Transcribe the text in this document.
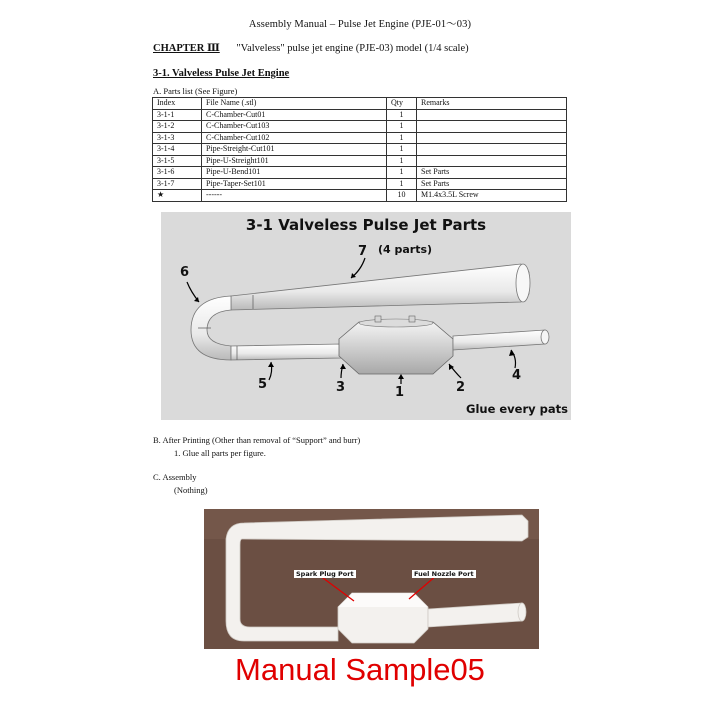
Assembly Manual – Pulse Jet Engine (PJE-01～03)
CHAPTER Ⅲ "Valveless" pulse jet engine (PJE-03) model (1/4 scale)
3-1. Valveless Pulse Jet Engine
A. Parts list (See Figure)
Index	File Name (.stl)	Qty	Remarks
3-1-1	C-Chamber-Cut01	1	
3-1-2	C-Chamber-Cut103	1	
3-1-3	C-Chamber-Cut102	1	
3-1-4	Pipe-Streight-Cut101	1	
3-1-5	Pipe-U-Streight101	1	
3-1-6	Pipe-U-Bend101	1	Set Parts
3-1-7	Pipe-Taper-Set101	1	Set Parts
★	------	10	M1.4x3.5L Screw
3-1 Valveless Pulse Jet Parts
(4 parts)
Glue every pats
1	2
3
4
5
6
7
B. After Printing (Other than removal of “Support” and burr)
1. Glue all parts per figure.
C. Assembly
(Nothing)
Spark Plug Port	Fuel Nozzle Port
Manual Sample05
